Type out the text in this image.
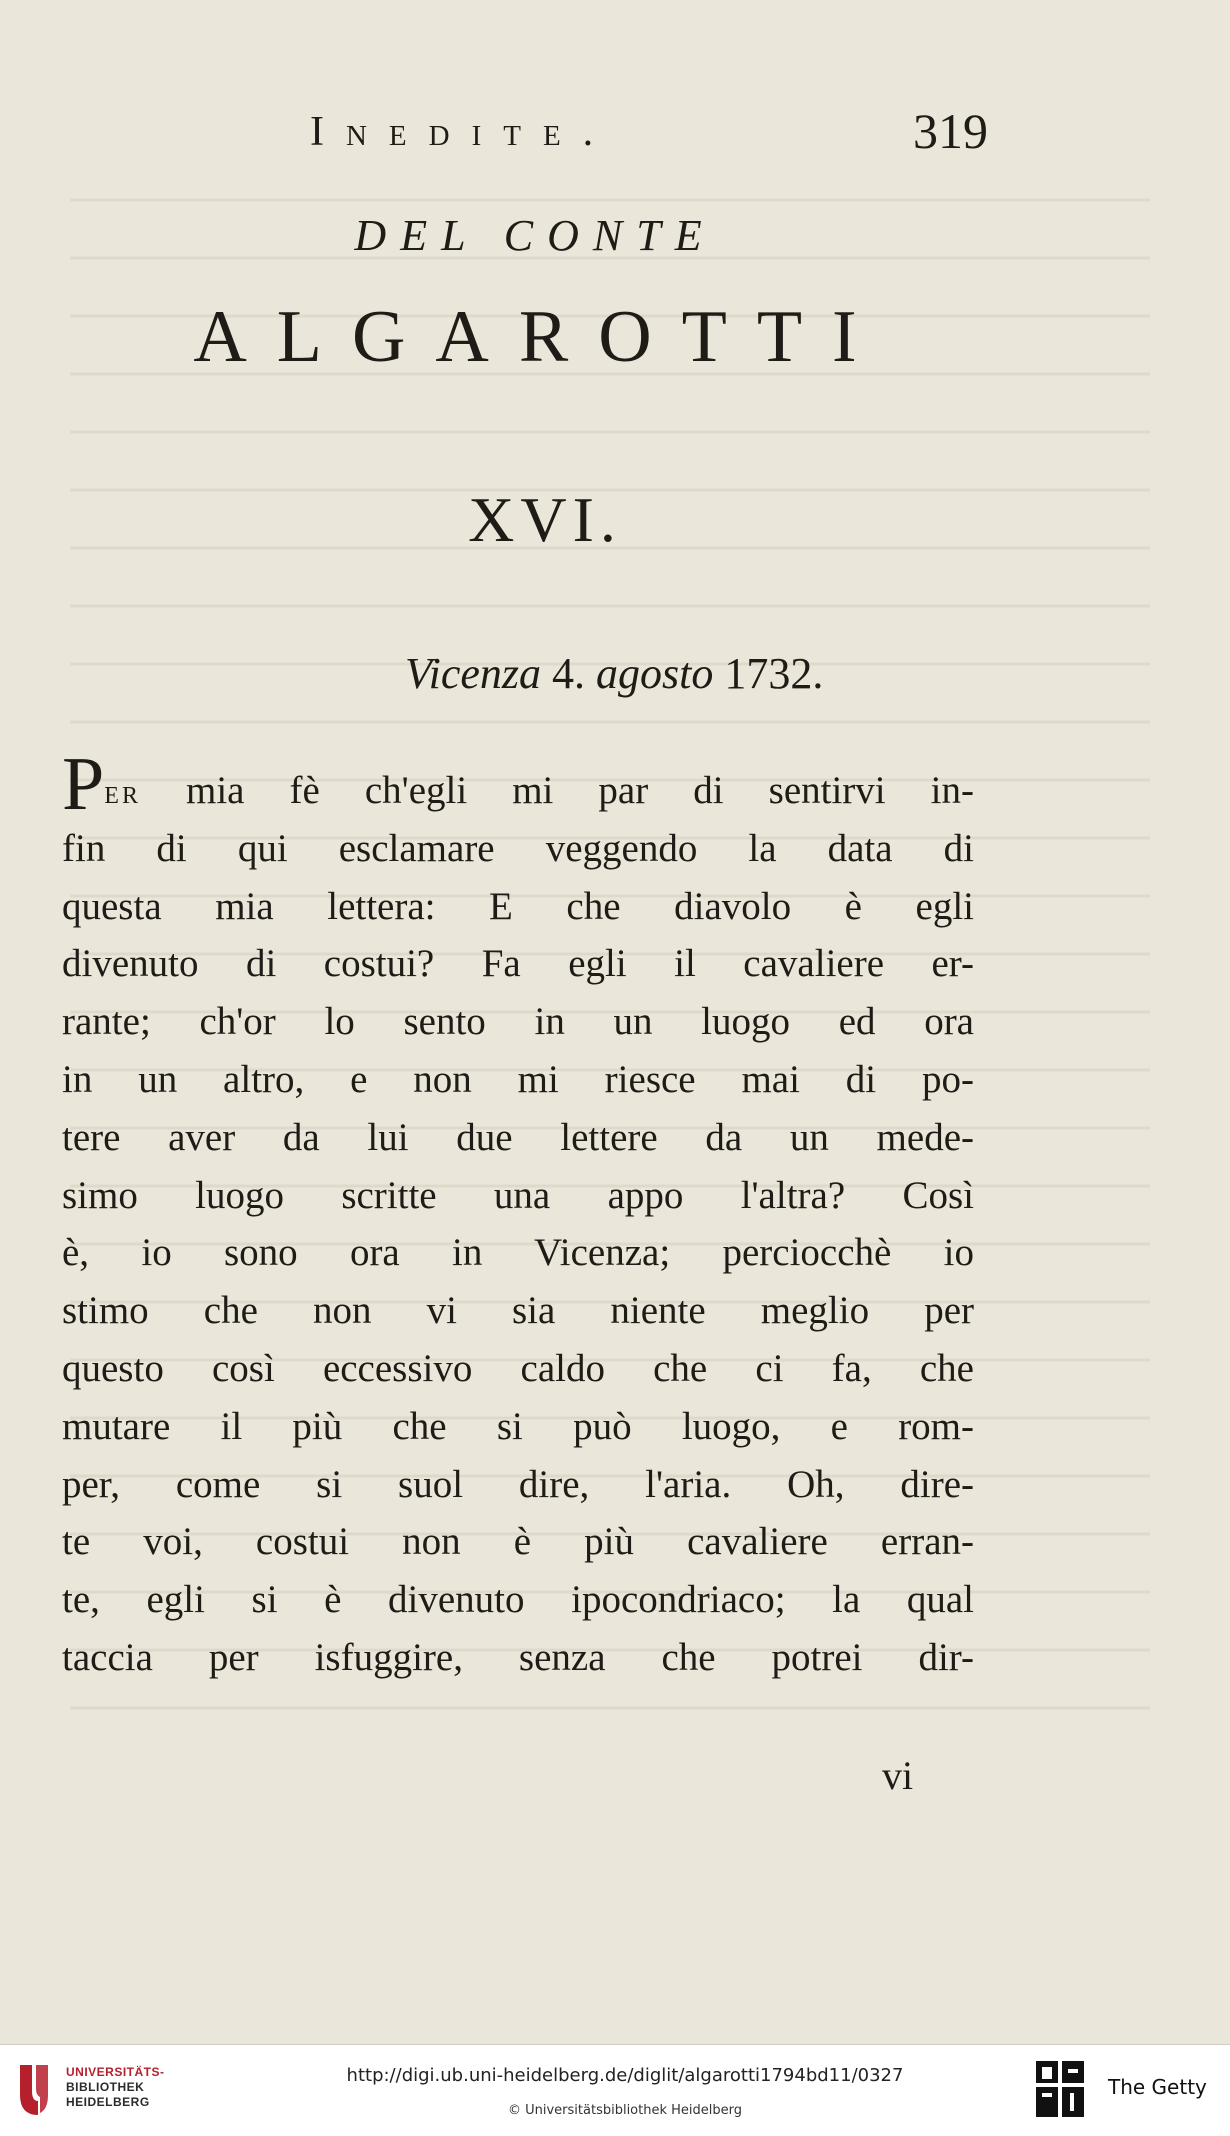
Inedite.	319
DEL CONTE
ALGAROTTI
XVI.
Vicenza 4. agosto 1732.
Per mia fè ch'egli mi par di sentirvi in-
fin di qui esclamare veggendo la data di
questa mia lettera: E che diavolo è egli
divenuto di costui? Fa egli il cavaliere er-
rante; ch'or lo sento in un luogo ed ora
in un altro, e non mi riesce mai di po-
tere aver da lui due lettere da un mede-
simo luogo scritte una appo l'altra? Così
è, io sono ora in Vicenza; perciocchè io
stimo che non vi sia niente meglio per
questo così eccessivo caldo che ci fa, che
mutare il più che si può luogo, e rom-
per, come si suol dire, l'aria. Oh, dire-
te voi, costui non è più cavaliere erran-
te, egli si è divenuto ipocondriaco; la qual
taccia per isfuggire, senza che potrei dir-
vi
UNIVERSITÄTS-
BIBLIOTHEK
HEIDELBERG
http://digi.ub.uni-heidelberg.de/diglit/algarotti1794bd11/0327
© Universitätsbibliothek Heidelberg
The Getty
